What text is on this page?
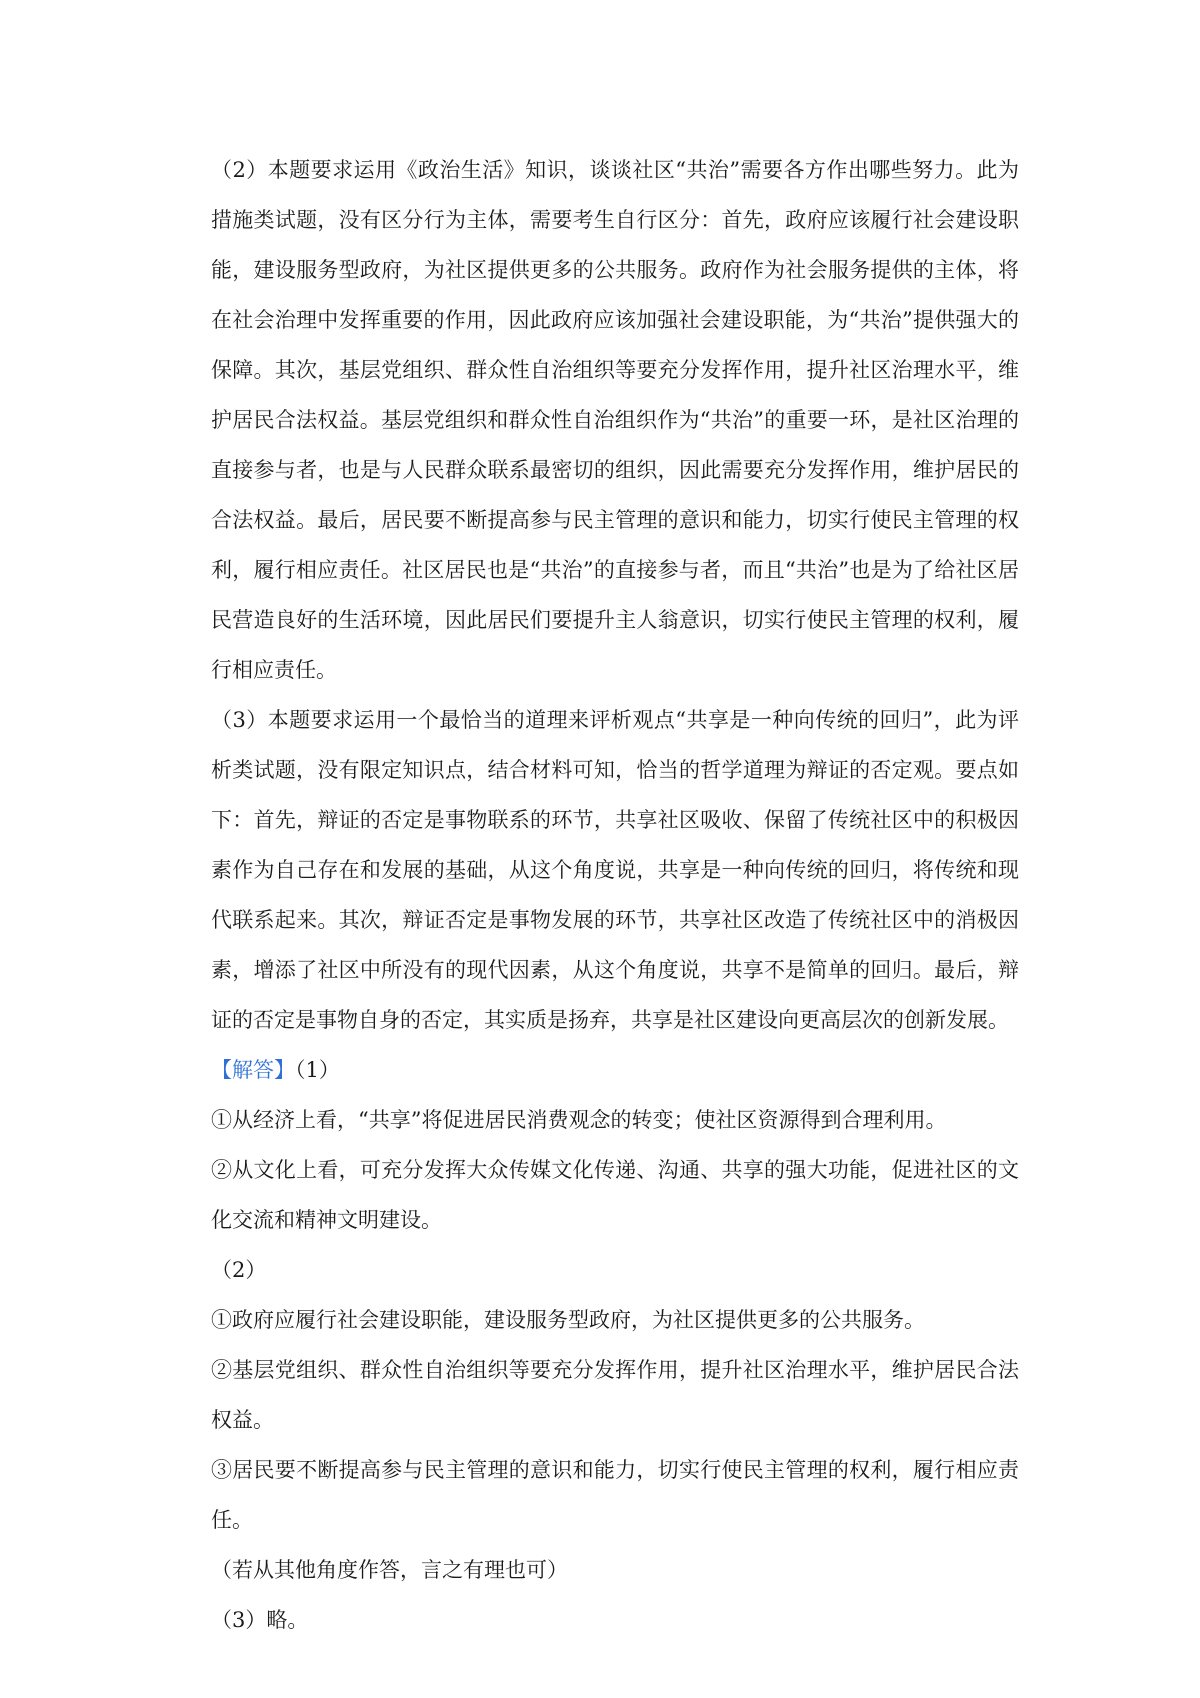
（2）本题要求运用《政治生活》知识，谈谈社区“共治”需要各方作出哪些努力。此为措施类试题，没有区分行为主体，需要考生自行区分：首先，政府应该履行社会建设职能，建设服务型政府，为社区提供更多的公共服务。政府作为社会服务提供的主体，将在社会治理中发挥重要的作用，因此政府应该加强社会建设职能，为“共治”提供强大的保障。其次，基层党组织、群众性自治组织等要充分发挥作用，提升社区治理水平，维护居民合法权益。基层党组织和群众性自治组织作为“共治”的重要一环，是社区治理的直接参与者，也是与人民群众联系最密切的组织，因此需要充分发挥作用，维护居民的合法权益。最后，居民要不断提高参与民主管理的意识和能力，切实行使民主管理的权利，履行相应责任。社区居民也是“共治”的直接参与者，而且“共治”也是为了给社区居民营造良好的生活环境，因此居民们要提升主人翁意识，切实行使民主管理的权利，履行相应责任。

（3）本题要求运用一个最恰当的道理来评析观点“共享是一种向传统的回归”，此为评析类试题，没有限定知识点，结合材料可知，恰当的哲学道理为辩证的否定观。要点如下：首先，辩证的否定是事物联系的环节，共享社区吸收、保留了传统社区中的积极因素作为自己存在和发展的基础，从这个角度说，共享是一种向传统的回归，将传统和现代联系起来。其次，辩证否定是事物发展的环节，共享社区改造了传统社区中的消极因素，增添了社区中所没有的现代因素，从这个角度说，共享不是简单的回归。最后，辩证的否定是事物自身的否定，其实质是扬弃，共享是社区建设向更高层次的创新发展。

【解答】（1）

①从经济上看，“共享”将促进居民消费观念的转变；使社区资源得到合理利用。

②从文化上看，可充分发挥大众传媒文化传递、沟通、共享的强大功能，促进社区的文化交流和精神文明建设。

（2）

①政府应履行社会建设职能，建设服务型政府，为社区提供更多的公共服务。

②基层党组织、群众性自治组织等要充分发挥作用，提升社区治理水平，维护居民合法权益。

③居民要不断提高参与民主管理的意识和能力，切实行使民主管理的权利，履行相应责任。

（若从其他角度作答，言之有理也可）

（3）略。
